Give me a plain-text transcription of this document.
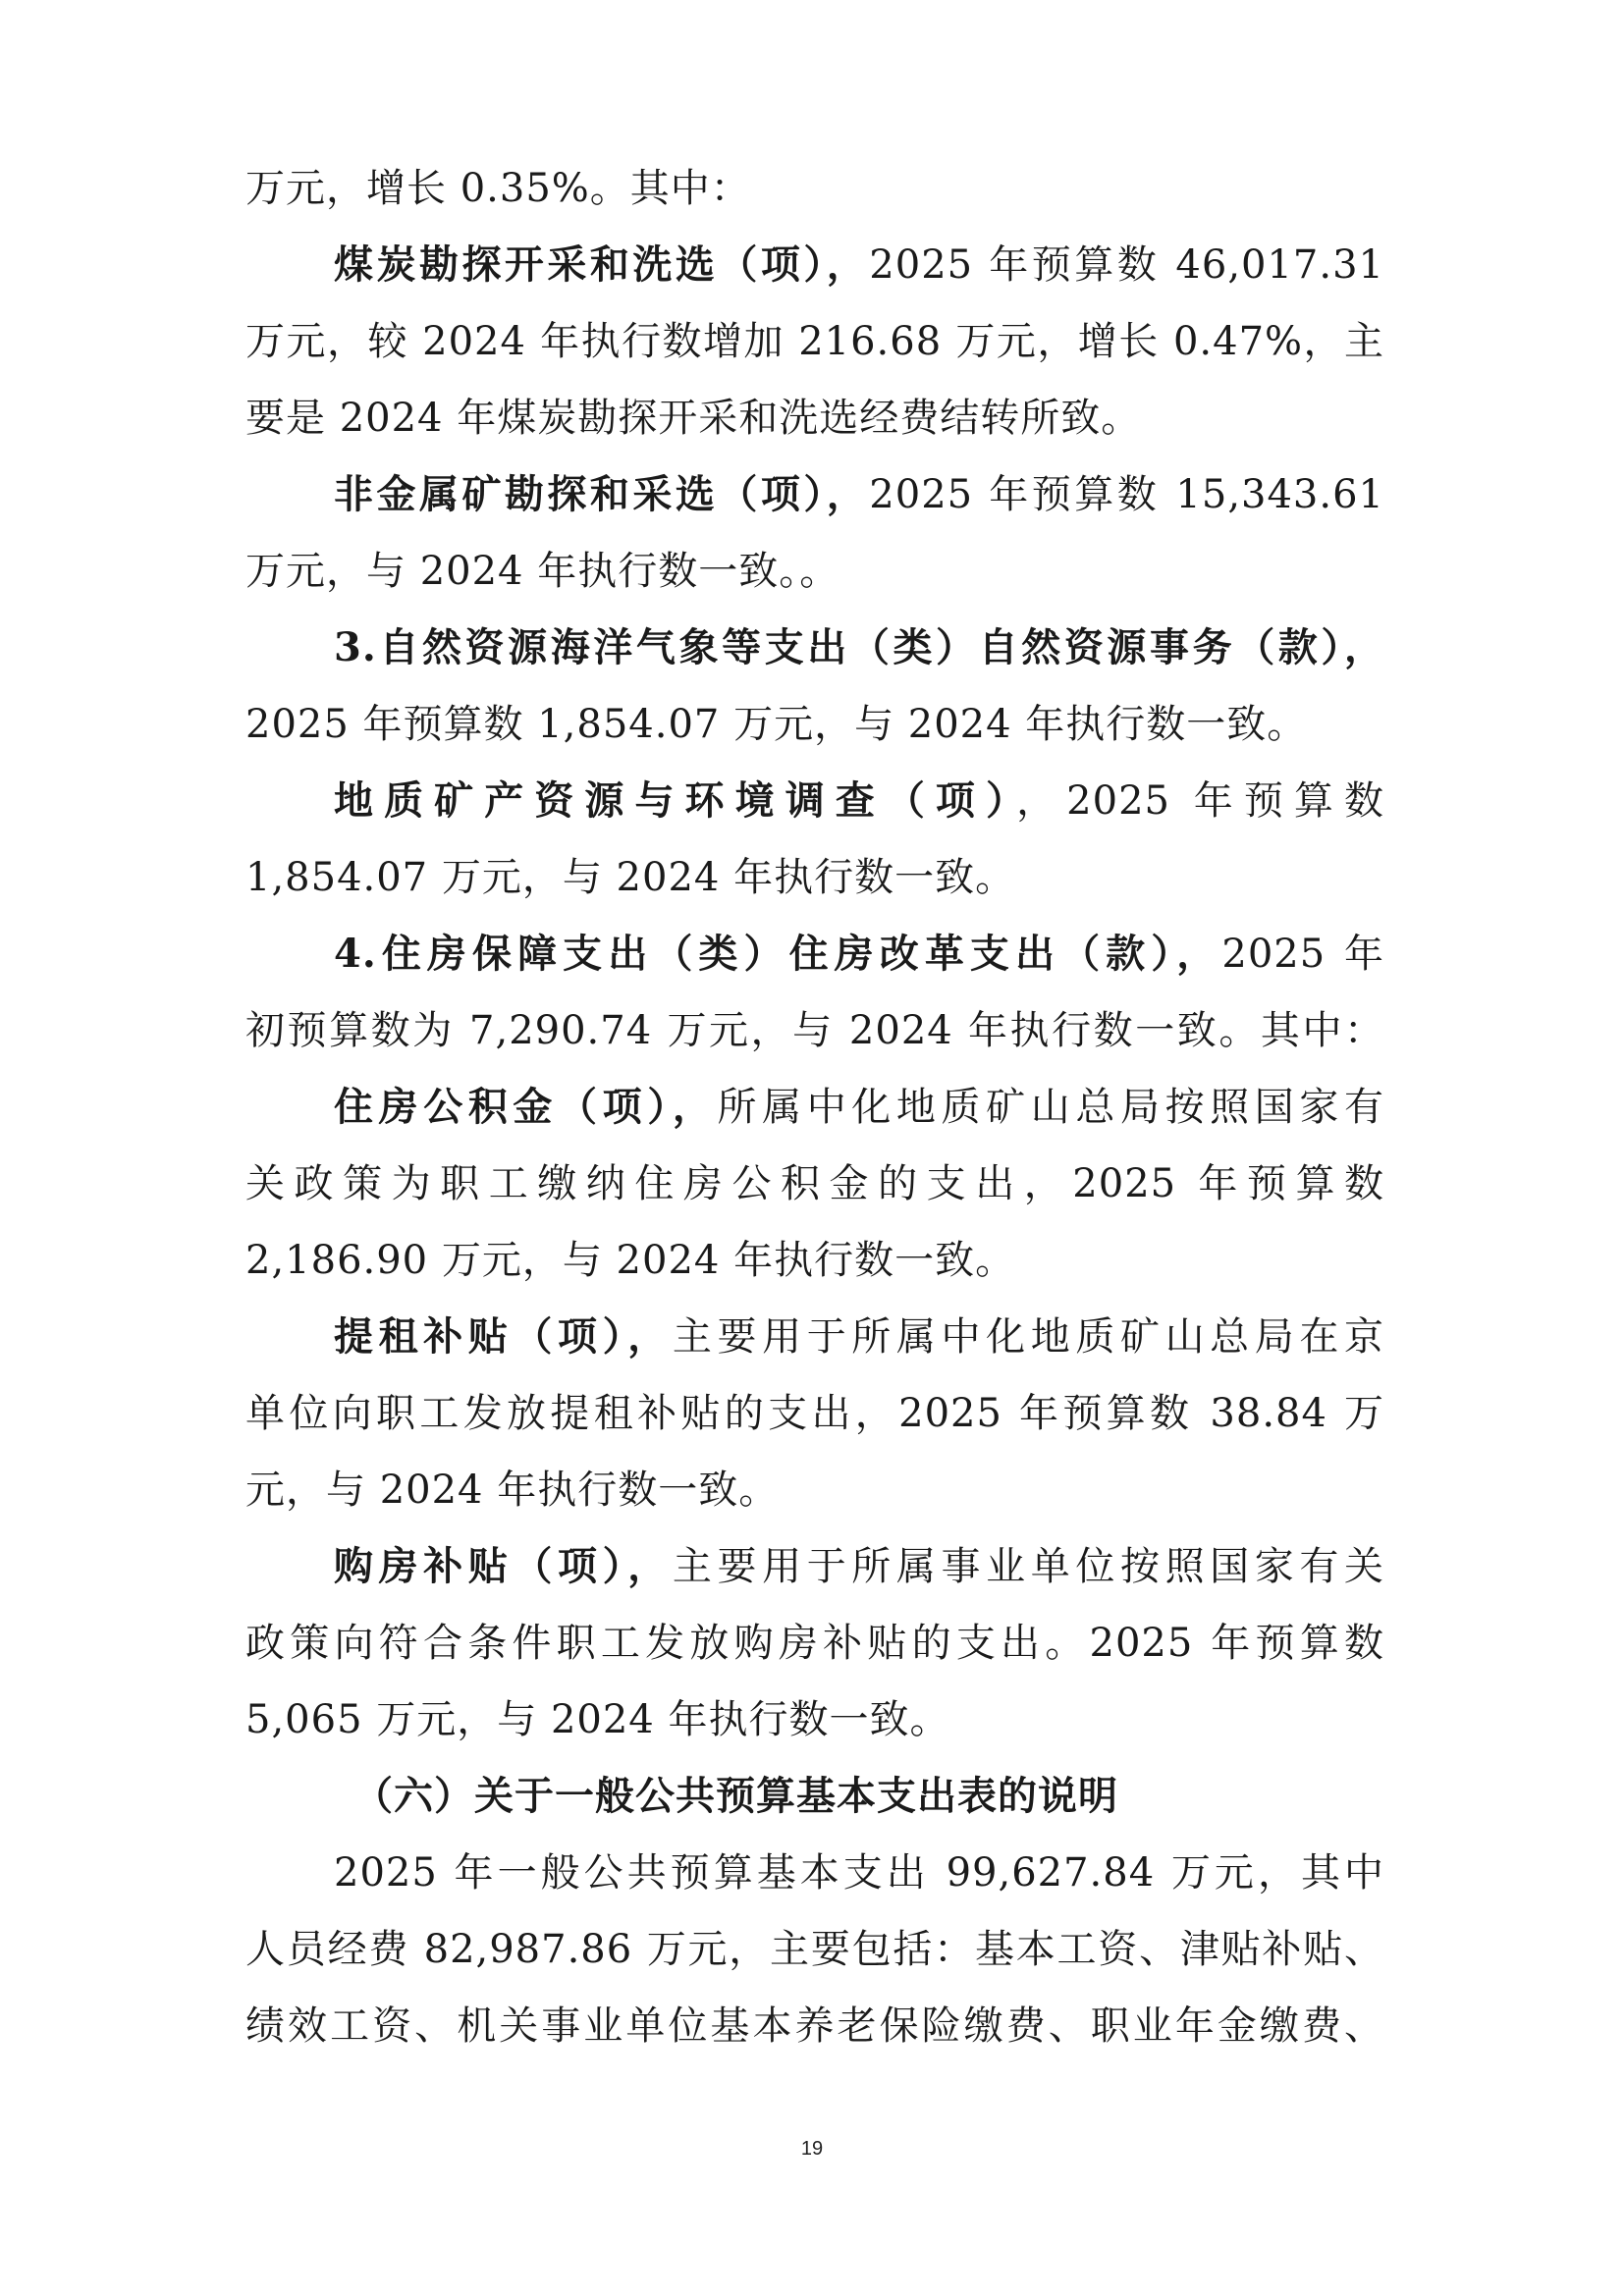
万元，增长 0.35%。其中：
煤炭勘探开采和洗选（项），2025 年预算数 46,017.31
万元，较 2024 年执行数增加 216.68 万元，增长 0.47%，主
要是 2024 年煤炭勘探开采和洗选经费结转所致。
非金属矿勘探和采选（项），2025 年预算数 15,343.61
万元，与 2024 年执行数一致。。
3.自然资源海洋气象等支出（类）自然资源事务（款），
2025 年预算数 1,854.07 万元，与 2024 年执行数一致。
地质矿产资源与环境调查（项），2025 年预算数
1,854.07 万元，与 2024 年执行数一致。
4.住房保障支出（类）住房改革支出（款），2025 年
初预算数为 7,290.74 万元，与 2024 年执行数一致。其中：
住房公积金（项），所属中化地质矿山总局按照国家有
关政策为职工缴纳住房公积金的支出，2025 年预算数
2,186.90 万元，与 2024 年执行数一致。
提租补贴（项），主要用于所属中化地质矿山总局在京
单位向职工发放提租补贴的支出，2025 年预算数 38.84 万
元，与 2024 年执行数一致。
购房补贴（项），主要用于所属事业单位按照国家有关
政策向符合条件职工发放购房补贴的支出。2025 年预算数
5,065 万元，与 2024 年执行数一致。
（六）关于一般公共预算基本支出表的说明
2025 年一般公共预算基本支出 99,627.84 万元，其中
人员经费 82,987.86 万元，主要包括：基本工资、津贴补贴、
绩效工资、机关事业单位基本养老保险缴费、职业年金缴费、
19
